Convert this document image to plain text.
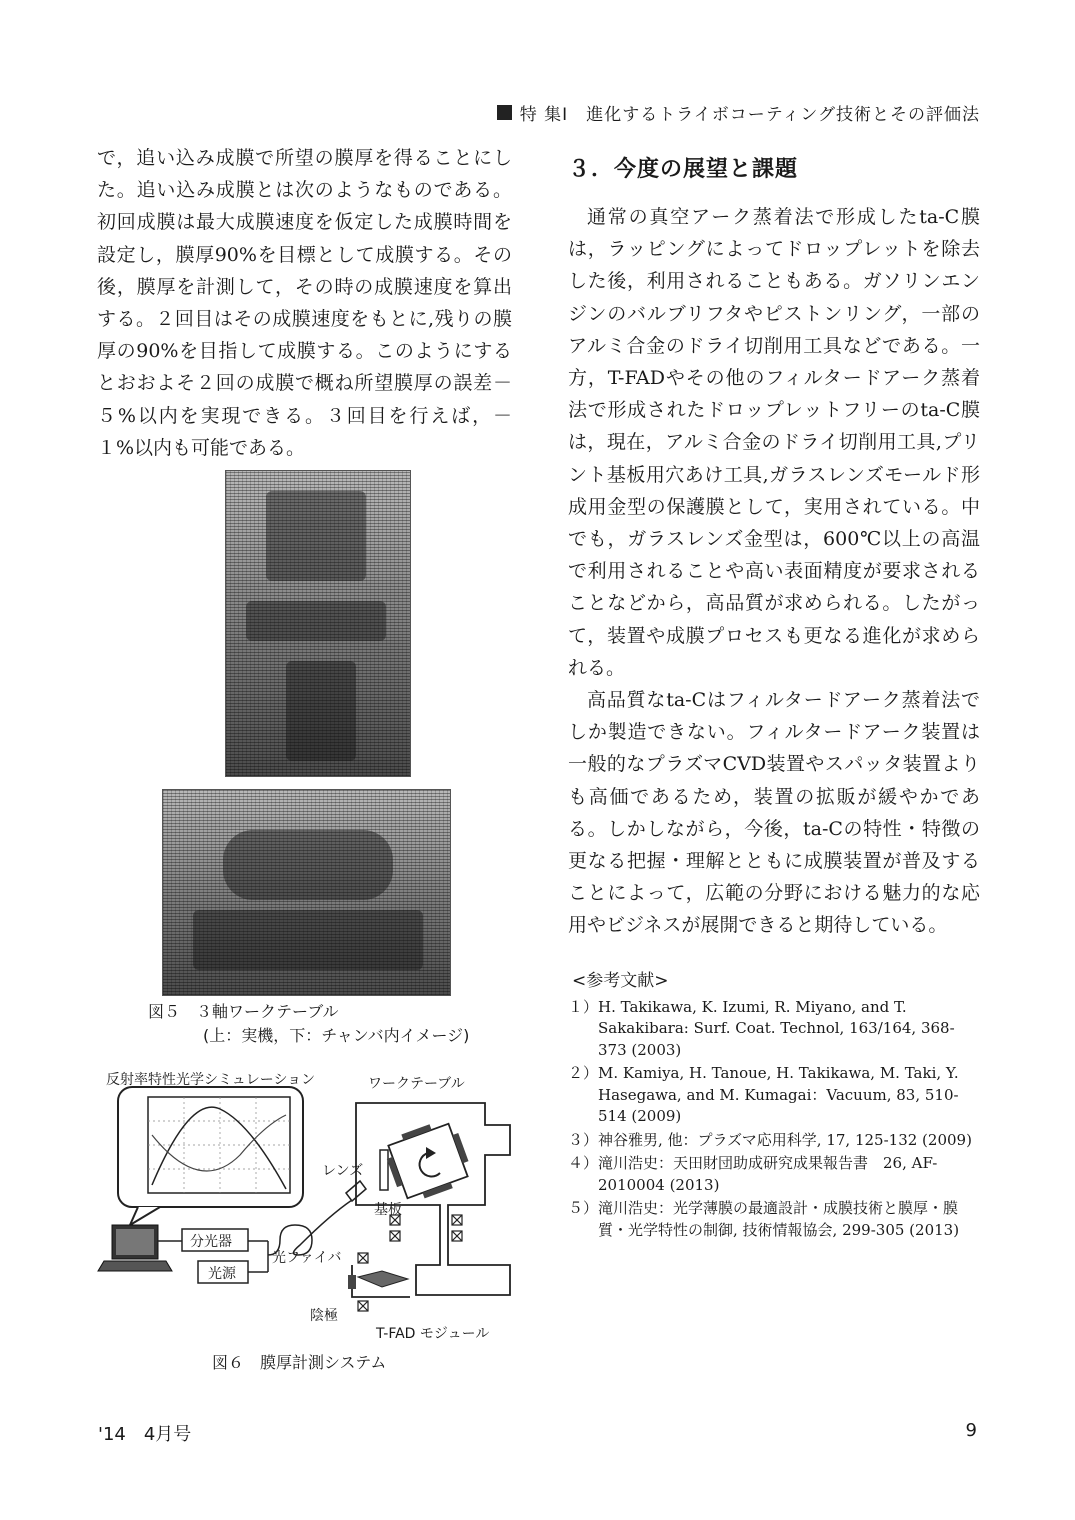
特 集Ⅰ　進化するトライボコーティング技術とその評価法
で，追い込み成膜で所望の膜厚を得ることにした。追い込み成膜とは次のようなものである。初回成膜は最大成膜速度を仮定した成膜時間を設定し，膜厚90%を目標として成膜する。その後，膜厚を計測して，その時の成膜速度を算出する。２回目はその成膜速度をもとに,残りの膜厚の90%を目指して成膜する。このようにするとおおよそ２回の成膜で概ね所望膜厚の誤差－５%以内を実現できる。３回目を行えば，－１%以内も可能である。
図５　３軸ワークテーブル
(上：実機，下：チャンバ内イメージ)
反射率特性光学シミュレーション	ワークテーブル
レンズ
基板
分光器
光源
光ファイバ
陰極
T-FAD モジュール
図６　膜厚計測システム
３．今度の展望と課題

通常の真空アーク蒸着法で形成したta-C膜は，ラッピングによってドロップレットを除去した後，利用されることもある。ガソリンエンジンのバルブリフタやピストンリング，一部のアルミ合金のドライ切削用工具などである。一方，T-FADやその他のフィルタードアーク蒸着法で形成されたドロップレットフリーのta-C膜は，現在，アルミ合金のドライ切削用工具,プリント基板用穴あけ工具,ガラスレンズモールド形成用金型の保護膜として，実用されている。中でも，ガラスレンズ金型は，600℃以上の高温で利用されることや高い表面精度が要求されることなどから，高品質が求められる。したがって，装置や成膜プロセスも更なる進化が求められる。

高品質なta-Cはフィルタードアーク蒸着法でしか製造できない。フィルタードアーク装置は一般的なプラズマCVD装置やスパッタ装置よりも高価であるため，装置の拡販が緩やかである。しかしながら，今後，ta-Cの特性・特徴の更なる把握・理解とともに成膜装置が普及することによって，広範の分野における魅力的な応用やビジネスが展開できると期待している。

<参考文献>
１） H. Takikawa, K. Izumi, R. Miyano, and T. Sakakibara: Surf. Coat. Technol, 163/164, 368-373 (2003)
２） M. Kamiya, H. Tanoue, H. Takikawa, M. Taki, Y. Hasegawa, and M. Kumagai：Vacuum, 83, 510-514 (2009)
３） 神谷雅男, 他：プラズマ応用科学, 17, 125-132 (2009)
４） 滝川浩史：天田財団助成研究成果報告書　26, AF-2010004 (2013)
５） 滝川浩史：光学薄膜の最適設計・成膜技術と膜厚・膜質・光学特性の制御, 技術情報協会, 299-305 (2013)
'14　4月号	9
